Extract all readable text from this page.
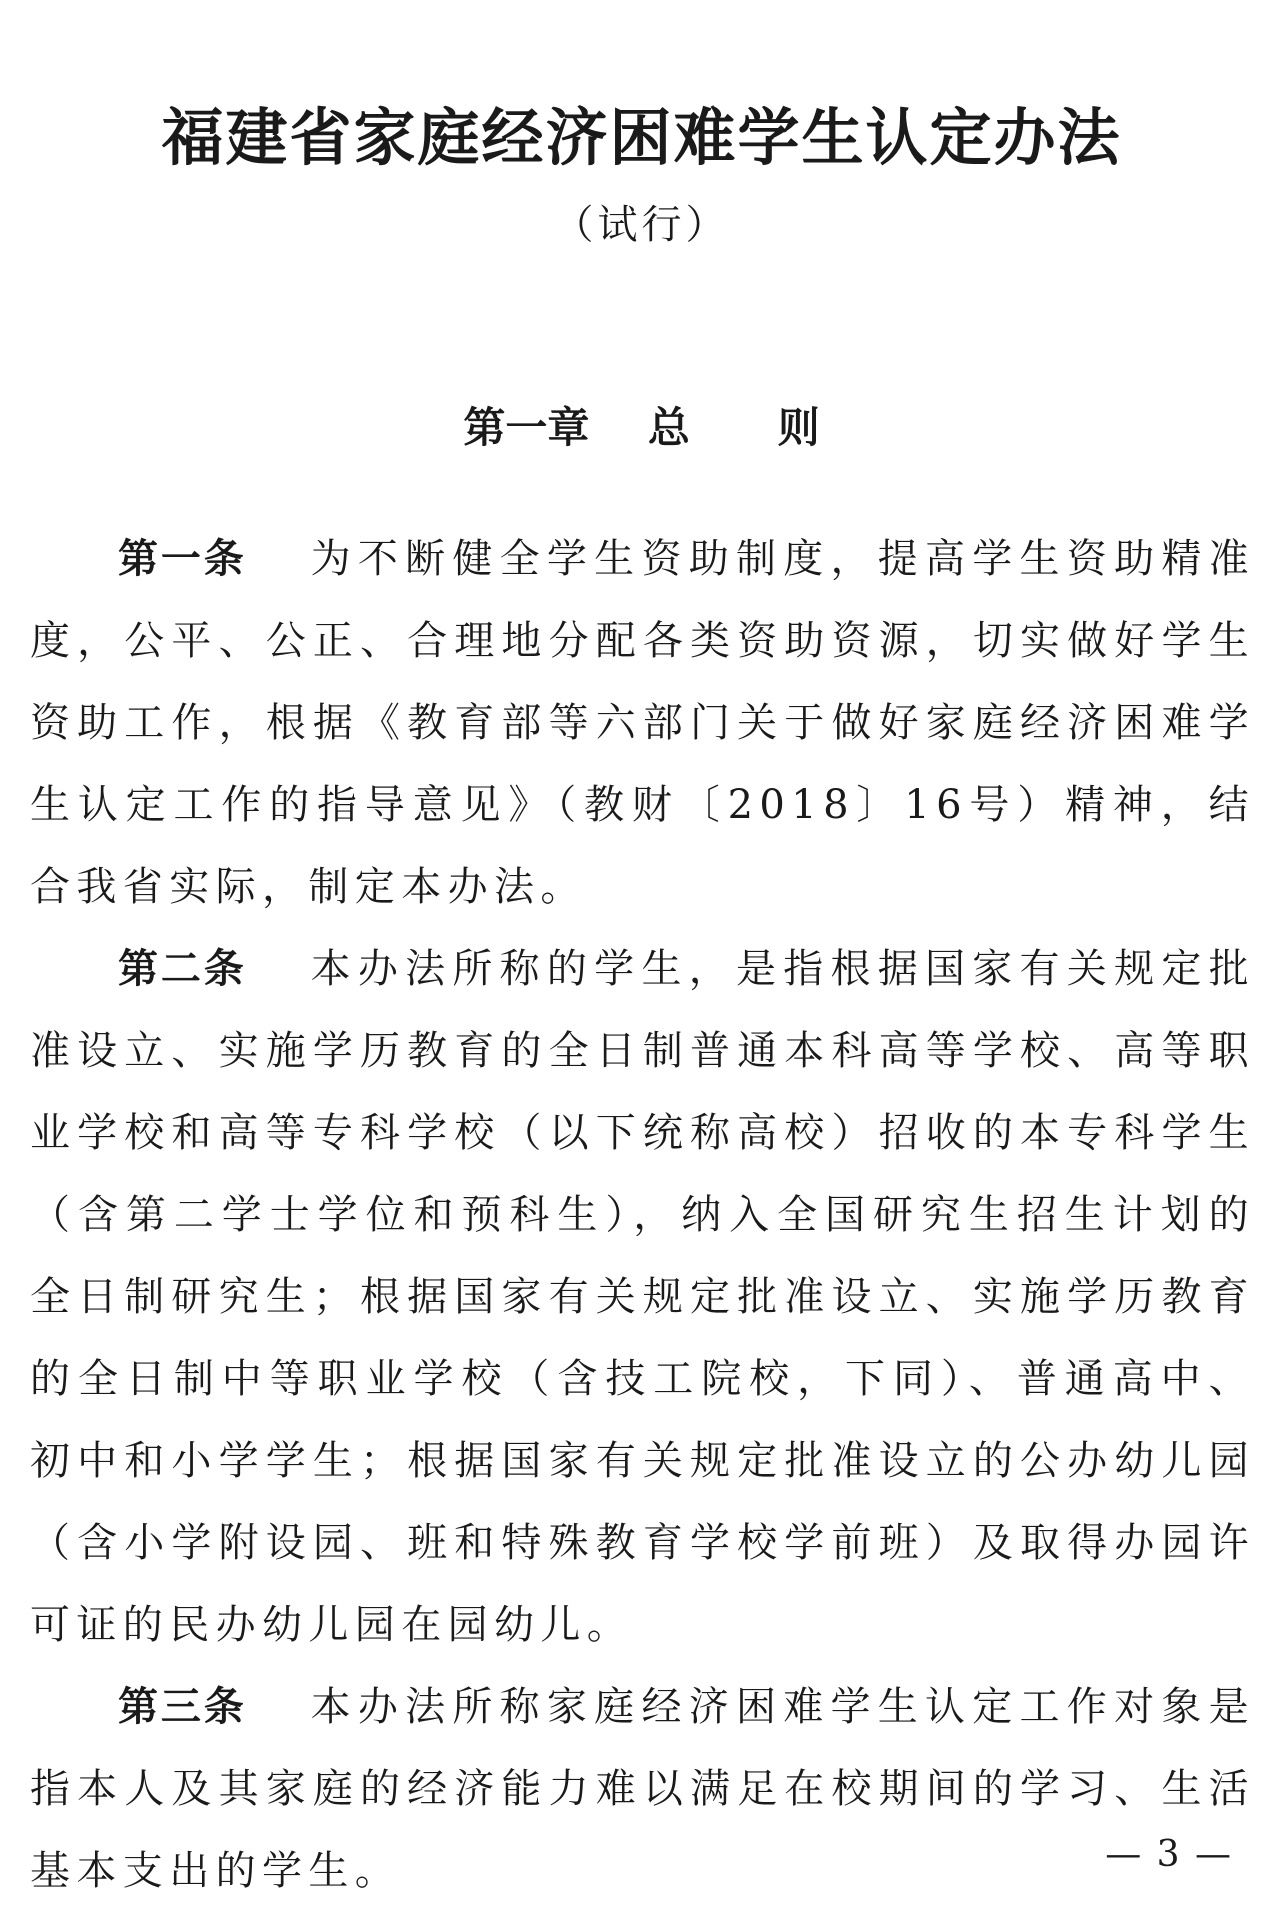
福建省家庭经济困难学生认定办法
（试行）
第一章    总      则

第一条 为不断健全学生资助制度，提高学生资助精准度，公平、公正、合理地分配各类资助资源，切实做好学生资助工作，根据《教育部等六部门关于做好家庭经济困难学生认定工作的指导意见》（教财〔2018〕16号）精神，结合我省实际，制定本办法。

第二条 本办法所称的学生，是指根据国家有关规定批准设立、实施学历教育的全日制普通本科高等学校、高等职业学校和高等专科学校（以下统称高校）招收的本专科学生（含第二学士学位和预科生），纳入全国研究生招生计划的全日制研究生；根据国家有关规定批准设立、实施学历教育的全日制中等职业学校（含技工院校，下同）、普通高中、初中和小学学生；根据国家有关规定批准设立的公办幼儿园（含小学附设园、班和特殊教育学校学前班）及取得办园许可证的民办幼儿园在园幼儿。

第三条 本办法所称家庭经济困难学生认定工作对象是指本人及其家庭的经济能力难以满足在校期间的学习、生活基本支出的学生。	— 3 —
